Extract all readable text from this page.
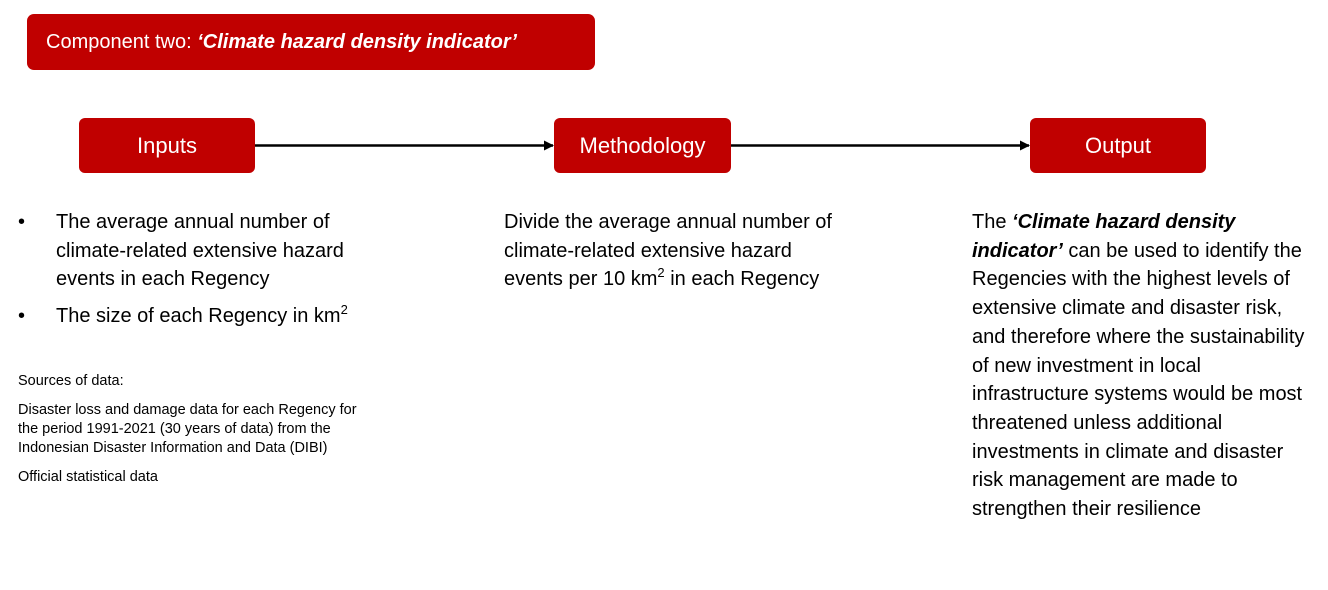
Component two: ‘Climate hazard density indicator’
Inputs	Methodology	Output
• The average annual number of climate-related extensive hazard events in each Regency
• The size of each Regency in $km^2$

Sources of data:

Disaster loss and damage data for each Regency for the period 1991-2021 (30 years of data) from the Indonesian Disaster Information and Data (DIBI)

Official statistical data

Divide the average annual number of climate-related extensive hazard events per 10 $km^2$ in each Regency
The ‘Climate hazard density indicator’ can be used to identify the Regencies with the highest levels of extensive climate and disaster risk, and therefore where the sustainability of new investment in local infrastructure systems would be most threatened unless additional investments in climate and disaster risk management are made to strengthen their resilience
